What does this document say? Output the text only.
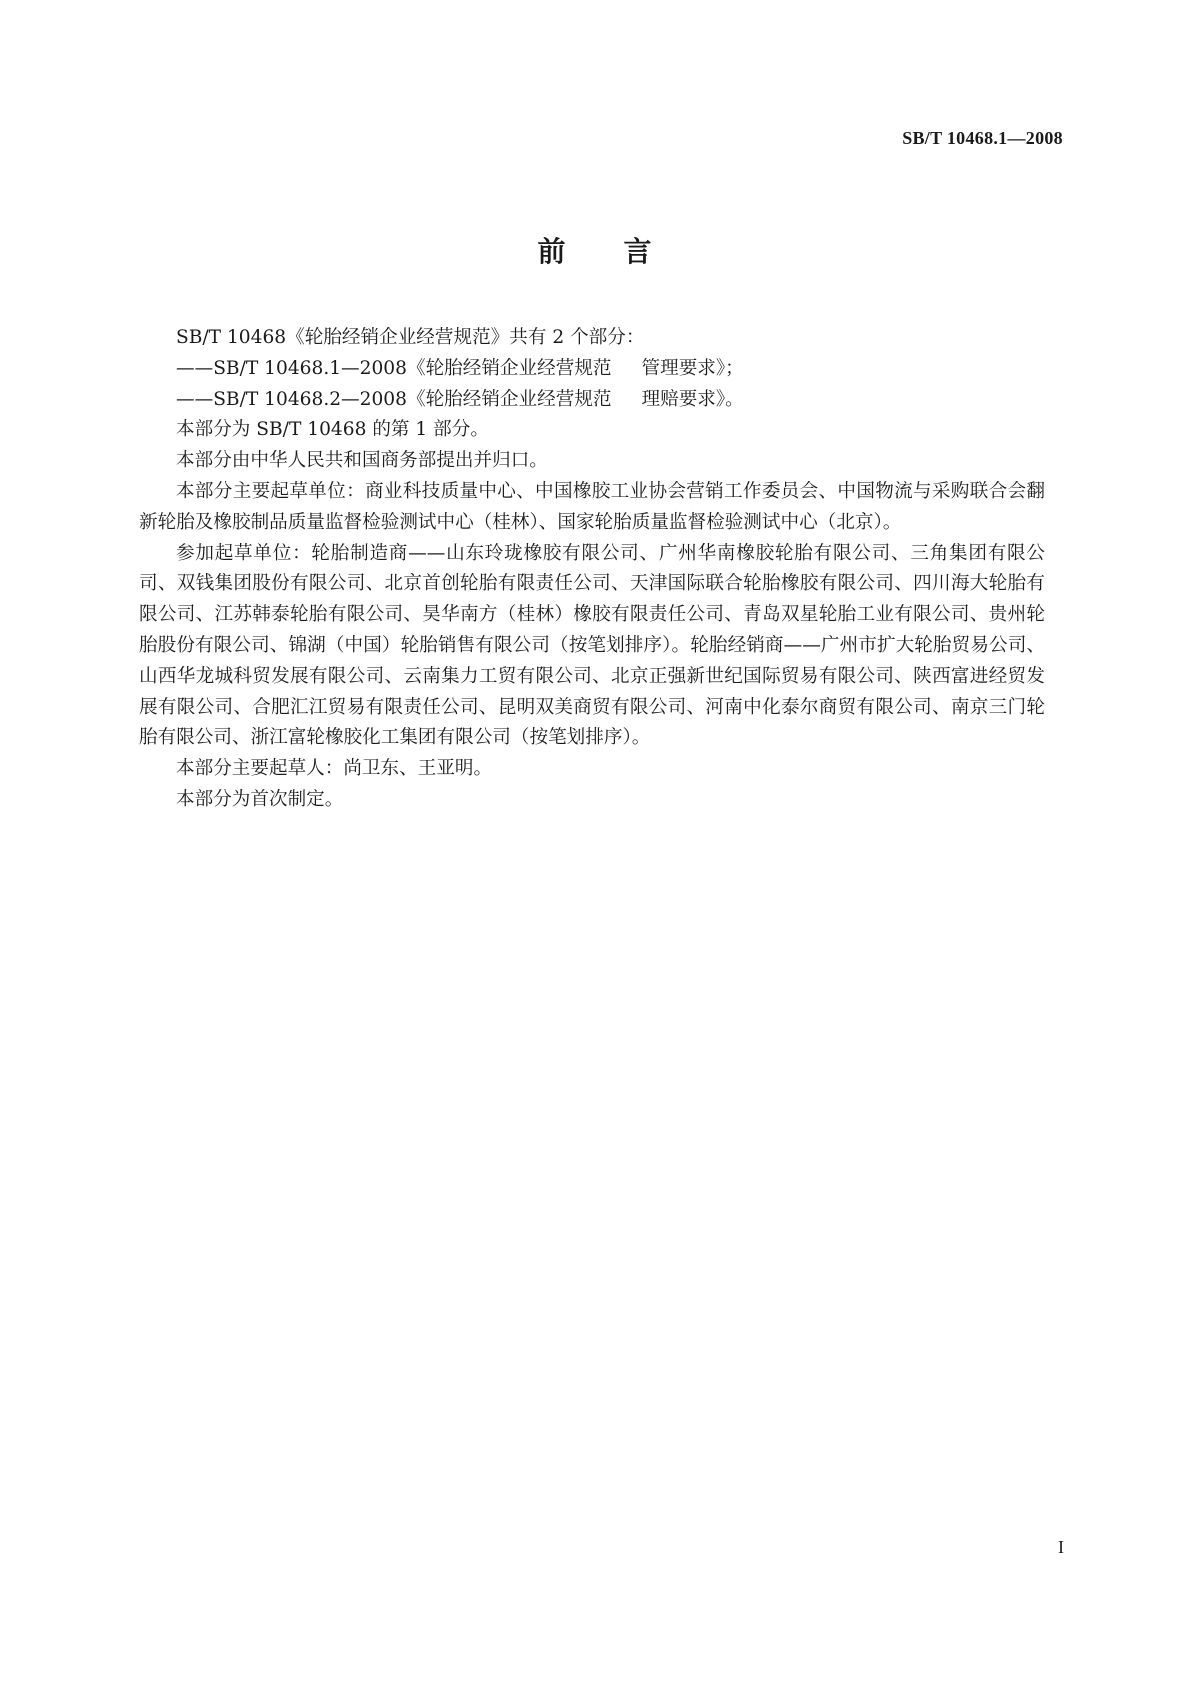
SB/T 10468.1—2008
前 言

SB/T 10468《轮胎经销企业经营规范》共有 2 个部分：

——SB/T 10468.1—2008《轮胎经销企业经营规范 管理要求》；

——SB/T 10468.2—2008《轮胎经销企业经营规范 理赔要求》。

本部分为 SB/T 10468 的第 1 部分。

本部分由中华人民共和国商务部提出并归口。

本部分主要起草单位：商业科技质量中心、中国橡胶工业协会营销工作委员会、中国物流与采购联合会翻新轮胎及橡胶制品质量监督检验测试中心（桂林）、国家轮胎质量监督检验测试中心（北京）。

参加起草单位：轮胎制造商——山东玲珑橡胶有限公司、广州华南橡胶轮胎有限公司、三角集团有限公司、双钱集团股份有限公司、北京首创轮胎有限责任公司、天津国际联合轮胎橡胶有限公司、四川海大轮胎有限公司、江苏韩泰轮胎有限公司、昊华南方（桂林）橡胶有限责任公司、青岛双星轮胎工业有限公司、贵州轮胎股份有限公司、锦湖（中国）轮胎销售有限公司（按笔划排序）。轮胎经销商——广州市扩大轮胎贸易公司、山西华龙城科贸发展有限公司、云南集力工贸有限公司、北京正强新世纪国际贸易有限公司、陕西富进经贸发展有限公司、合肥汇江贸易有限责任公司、昆明双美商贸有限公司、河南中化泰尔商贸有限公司、南京三门轮胎有限公司、浙江富轮橡胶化工集团有限公司（按笔划排序）。

本部分主要起草人：尚卫东、王亚明。

本部分为首次制定。

I
